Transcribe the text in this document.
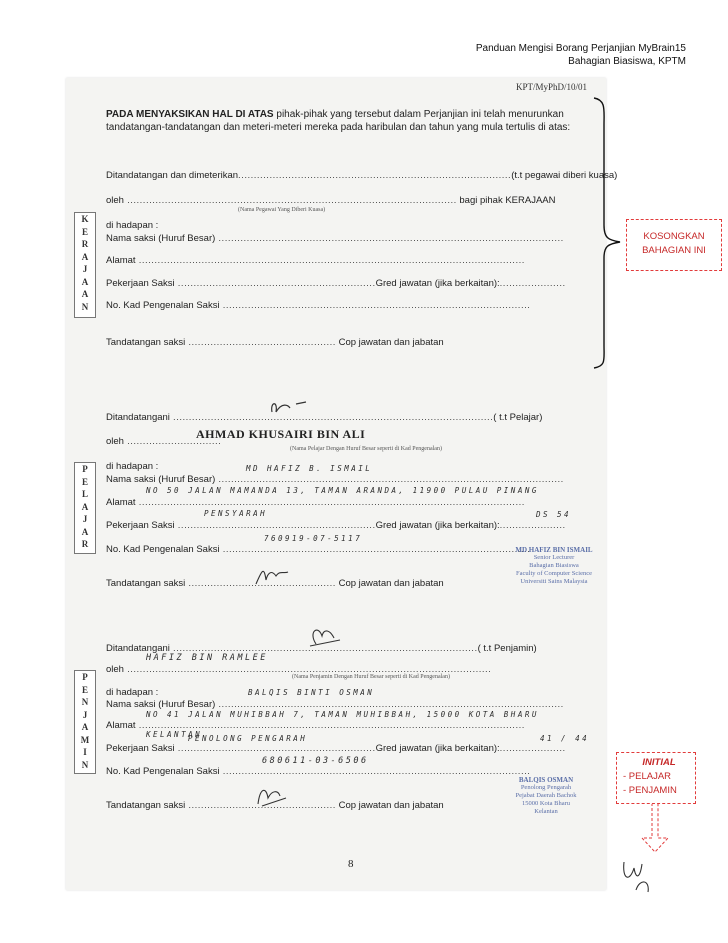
Panduan Mengisi Borang Perjanjian MyBrain15
Bahagian Biasiswa, KPTM
KPT/MyPhD/10/01
PADA MENYAKSIKAN HAL DI ATAS pihak-pihak yang tersebut dalam Perjanjian ini telah menurunkan tandatangan-tandatangan dan meteri-meteri mereka pada haribulan dan tahun yang mula tertulis di atas:
K
E
R
A
J
A
A
N
Ditandatangan dan dimeterikan.......................................................................................(t.t pegawai diberi kuasa)
oleh ......................................................................................................... bagi pihak KERAJAAN
(Nama Pegawai Yang Diberi Kuasa)
di hadapan :
Nama saksi (Huruf Besar) ..............................................................................................................
Alamat ...........................................................................................................................
Pekerjaan Saksi ...............................................................Gred jawatan (jika berkaitan):.....................
No. Kad Pengenalan Saksi ..................................................................................................
Tandatangan saksi ............................................... Cop jawatan dan jabatan
P
E
L
A
J
A
R
Ditandatangani ......................................................................................................( t.t Pelajar)
AHMAD KHUSAIRI BIN ALI
oleh ..............................
(Nama Pelajar Dengan Huruf Besar seperti di Kad Pengenalan)
di hadapan :
Nama saksi (Huruf Besar) ..............................................................................................................
MD HAFIZ B. ISMAIL
Alamat ...........................................................................................................................
NO 50 JALAN MAMANDA 13, TAMAN ARANDA, 11900 PULAU PINANG
Pekerjaan Saksi ...............................................................Gred jawatan (jika berkaitan):.....................
PENSYARAH	DS 54
No. Kad Pengenalan Saksi ..................................................................................................
760919-07-5117
Tandatangan saksi ............................................... Cop jawatan dan jabatan
MD HAFIZ BIN ISMAIL
Senior Lecturer
Bahagian Biasiswa
Faculty of Computer Science
Universiti Sains Malaysia
P
E
N
J
A
M
I
N
Ditandatangani .................................................................................................( t.t Penjamin)
oleh ....................................................................................................................
HAFIZ BIN RAMLEE
(Nama Penjamin Dengan Huruf Besar seperti di Kad Pengenalan)
di hadapan :
Nama saksi (Huruf Besar) ..............................................................................................................
BALQIS BINTI OSMAN
Alamat ...........................................................................................................................
NO 41 JALAN MUHIBBAH 7, TAMAN MUHIBBAH, 15000 KOTA BHARU
KELANTAN
Pekerjaan Saksi ...............................................................Gred jawatan (jika berkaitan):.....................
PENOLONG PENGARAH	41 / 44
No. Kad Pengenalan Saksi ..................................................................................................
680611-03-6506
Tandatangan saksi ............................................... Cop jawatan dan jabatan
BALQIS OSMAN
Penolong Pengarah
Pejabat Daerah Bachok
15000 Kota Bharu
Kelantan
8
KOSONGKAN
BAHAGIAN INI
INITIAL
- PELAJAR
- PENJAMIN
